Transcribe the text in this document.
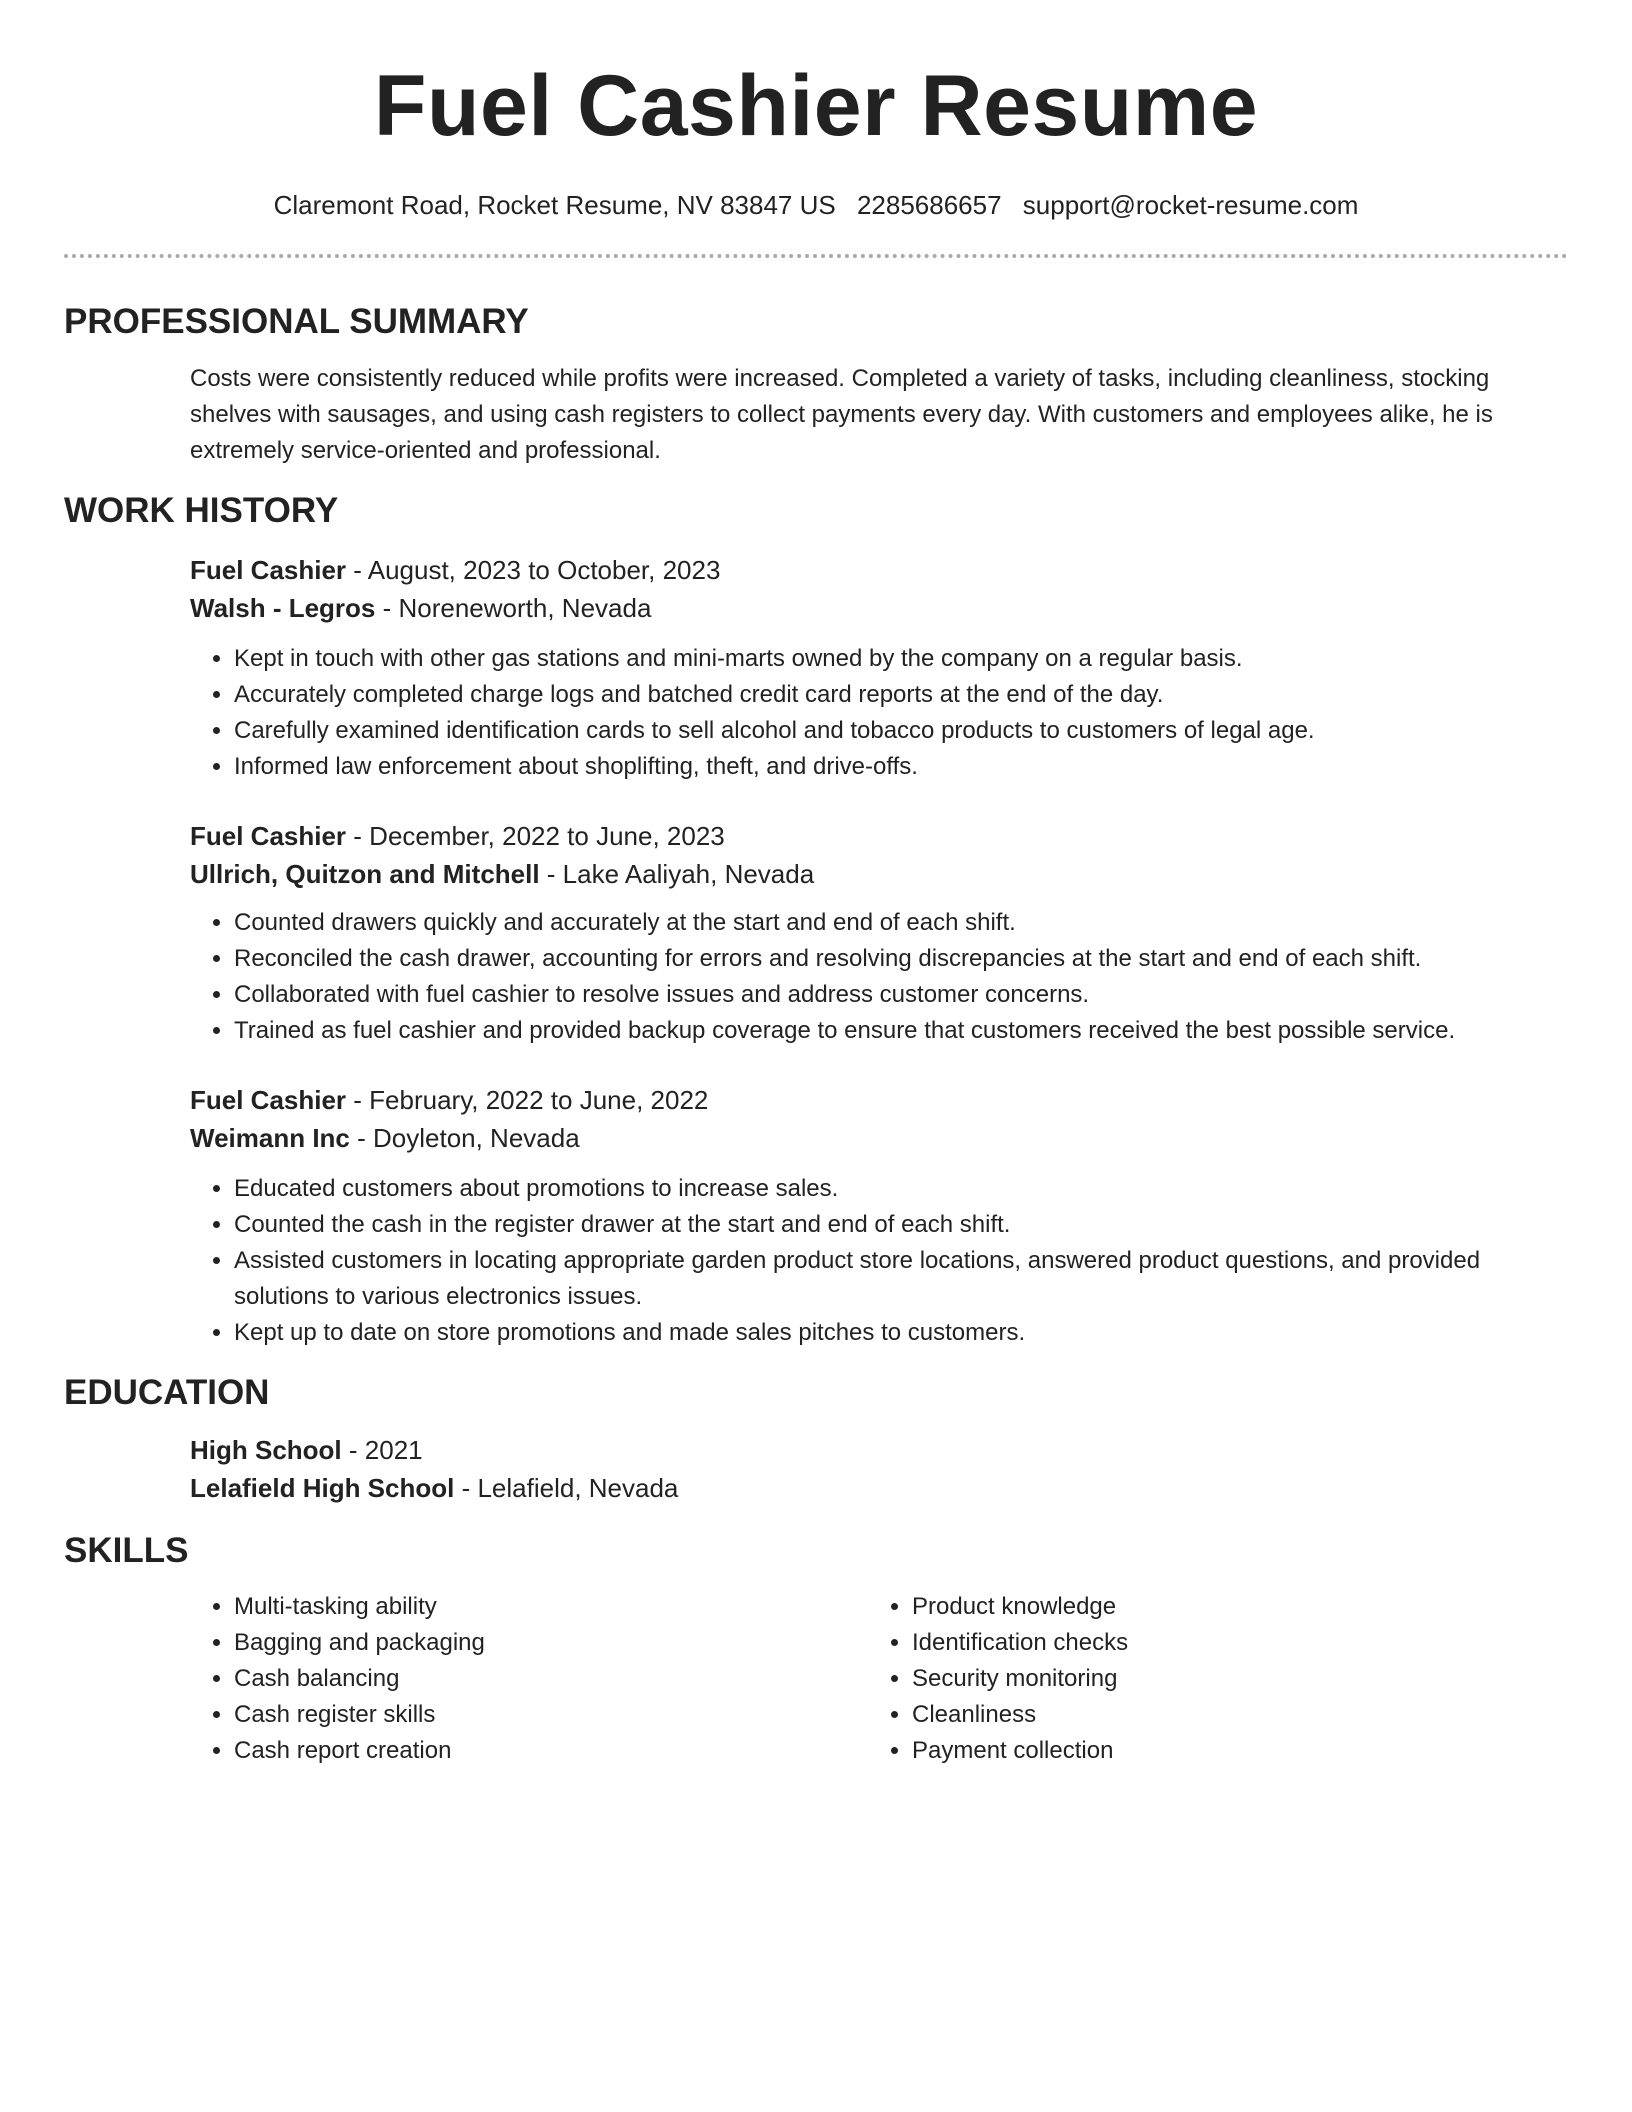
Fuel Cashier Resume
Claremont Road, Rocket Resume, NV 83847 US 2285686657 support@rocket-resume.com
PROFESSIONAL SUMMARY

Costs were consistently reduced while profits were increased. Completed a variety of tasks, including cleanliness, stocking shelves with sausages, and using cash registers to collect payments every day. With customers and employees alike, he is extremely service-oriented and professional.

WORK HISTORY

Fuel Cashier - August, 2023 to October, 2023

Walsh - Legros - Noreneworth, Nevada

• Kept in touch with other gas stations and mini-marts owned by the company on a regular basis.
• Accurately completed charge logs and batched credit card reports at the end of the day.
• Carefully examined identification cards to sell alcohol and tobacco products to customers of legal age.
• Informed law enforcement about shoplifting, theft, and drive-offs.

Fuel Cashier - December, 2022 to June, 2023

Ullrich, Quitzon and Mitchell - Lake Aaliyah, Nevada

• Counted drawers quickly and accurately at the start and end of each shift.
• Reconciled the cash drawer, accounting for errors and resolving discrepancies at the start and end of each shift.
• Collaborated with fuel cashier to resolve issues and address customer concerns.
• Trained as fuel cashier and provided backup coverage to ensure that customers received the best possible service.

Fuel Cashier - February, 2022 to June, 2022

Weimann Inc - Doyleton, Nevada

• Educated customers about promotions to increase sales.
• Counted the cash in the register drawer at the start and end of each shift.
• Assisted customers in locating appropriate garden product store locations, answered product questions, and provided solutions to various electronics issues.
• Kept up to date on store promotions and made sales pitches to customers.
EDUCATION

High School - 2021

Lelafield High School - Lelafield, Nevada

SKILLS
• Multi-tasking ability
• Bagging and packaging
• Cash balancing
• Cash register skills
• Cash report creation
• Product knowledge
• Identification checks
• Security monitoring
• Cleanliness
• Payment collection
